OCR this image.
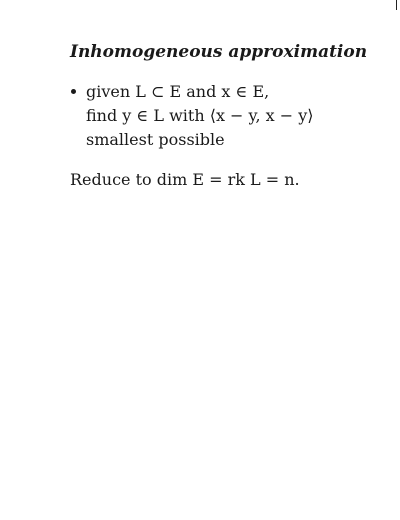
Inhomogeneous approximation
given L ⊂ E and x ∈ E,
find y ∈ L with ⟨x − y, x − y⟩
smallest possible
Reduce to dim E = rk L = n.
